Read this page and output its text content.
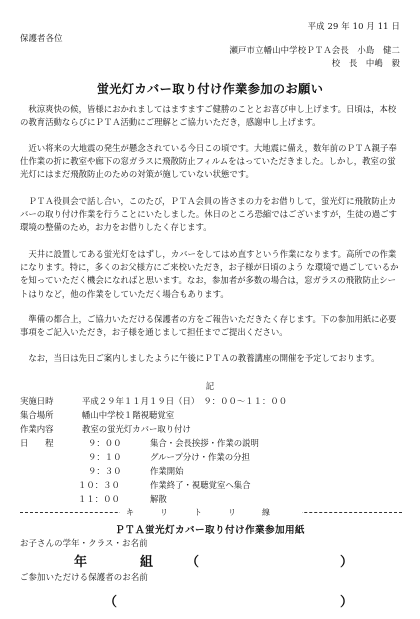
平成 29 年 10 月 11 日
保護者各位
瀬戸市立幡山中学校ＰＴＡ会長　小島　健二
校　長　中嶋　毅
蛍光灯カバー取り付け作業参加のお願い
秋涼爽快の候，皆様におかれましてはますますご健勝のこととお喜び申し上げます。日頃は，本校の教育活動ならびにＰＴＡ活動にご理解とご協力いただき，感謝申し上げます。
近い将来の大地震の発生が懸念されている今日この頃です。大地震に備え，数年前のＰＴＡ親子奉仕作業の折に教室や廊下の窓ガラスに飛散防止フィルムをはっていただきました。しかし，教室の蛍光灯にはまだ飛散防止のための対策が施していない状態です。
ＰＴＡ役員会で話し合い，このたび，ＰＴＡ会員の皆さまの力をお借りして，蛍光灯に飛散防止カバーの取り付け作業を行うことにいたしました。休日のところ恐縮ではございますが，生徒の過ごす環境の整備のため，お力をお借りしたく存じます。
天井に設置してある蛍光灯をはずし，カバーをしてはめ直すという作業になります。高所での作業になります。特に，多くのお父様方にご来校いただき，お子様が日頃のよう な環境で過ごしているかを知っていただく機会になればと思います。なお，参加者が多数の場合は，窓ガラスの飛散防止シートはりなど，他の作業をしていただく場合もあります。
準備の都合上，ご協力いただける保護者の方をご報告いただきたく存じます。下の参加用紙に必要事項をご記入いただき，お子様を通じまして担任までご提出ください。
なお，当日は先日ご案内しましたように午後にＰＴＡの教養講座の開催を予定しております。
記
実施日時	平成２９年１１月１９日（日）　９：００〜１１：００
集合場所	幡山中学校１階視聴覚室
作業内容	教室の蛍光灯カバー取り付け
日　　程	９：００	集合・会長挨拶・作業の説明
９：１０	グループ分け・作業の分担
９：３０	作業開始
１０：３０	作業終了・視聴覚室へ集合
１１：００	解散
キリトリ線
ＰＴＡ蛍光灯カバー取り付け作業参加用紙
お子さんの学年・クラス・お名前
年	組	（	）
ご参加いただける保護者のお名前
（	）
